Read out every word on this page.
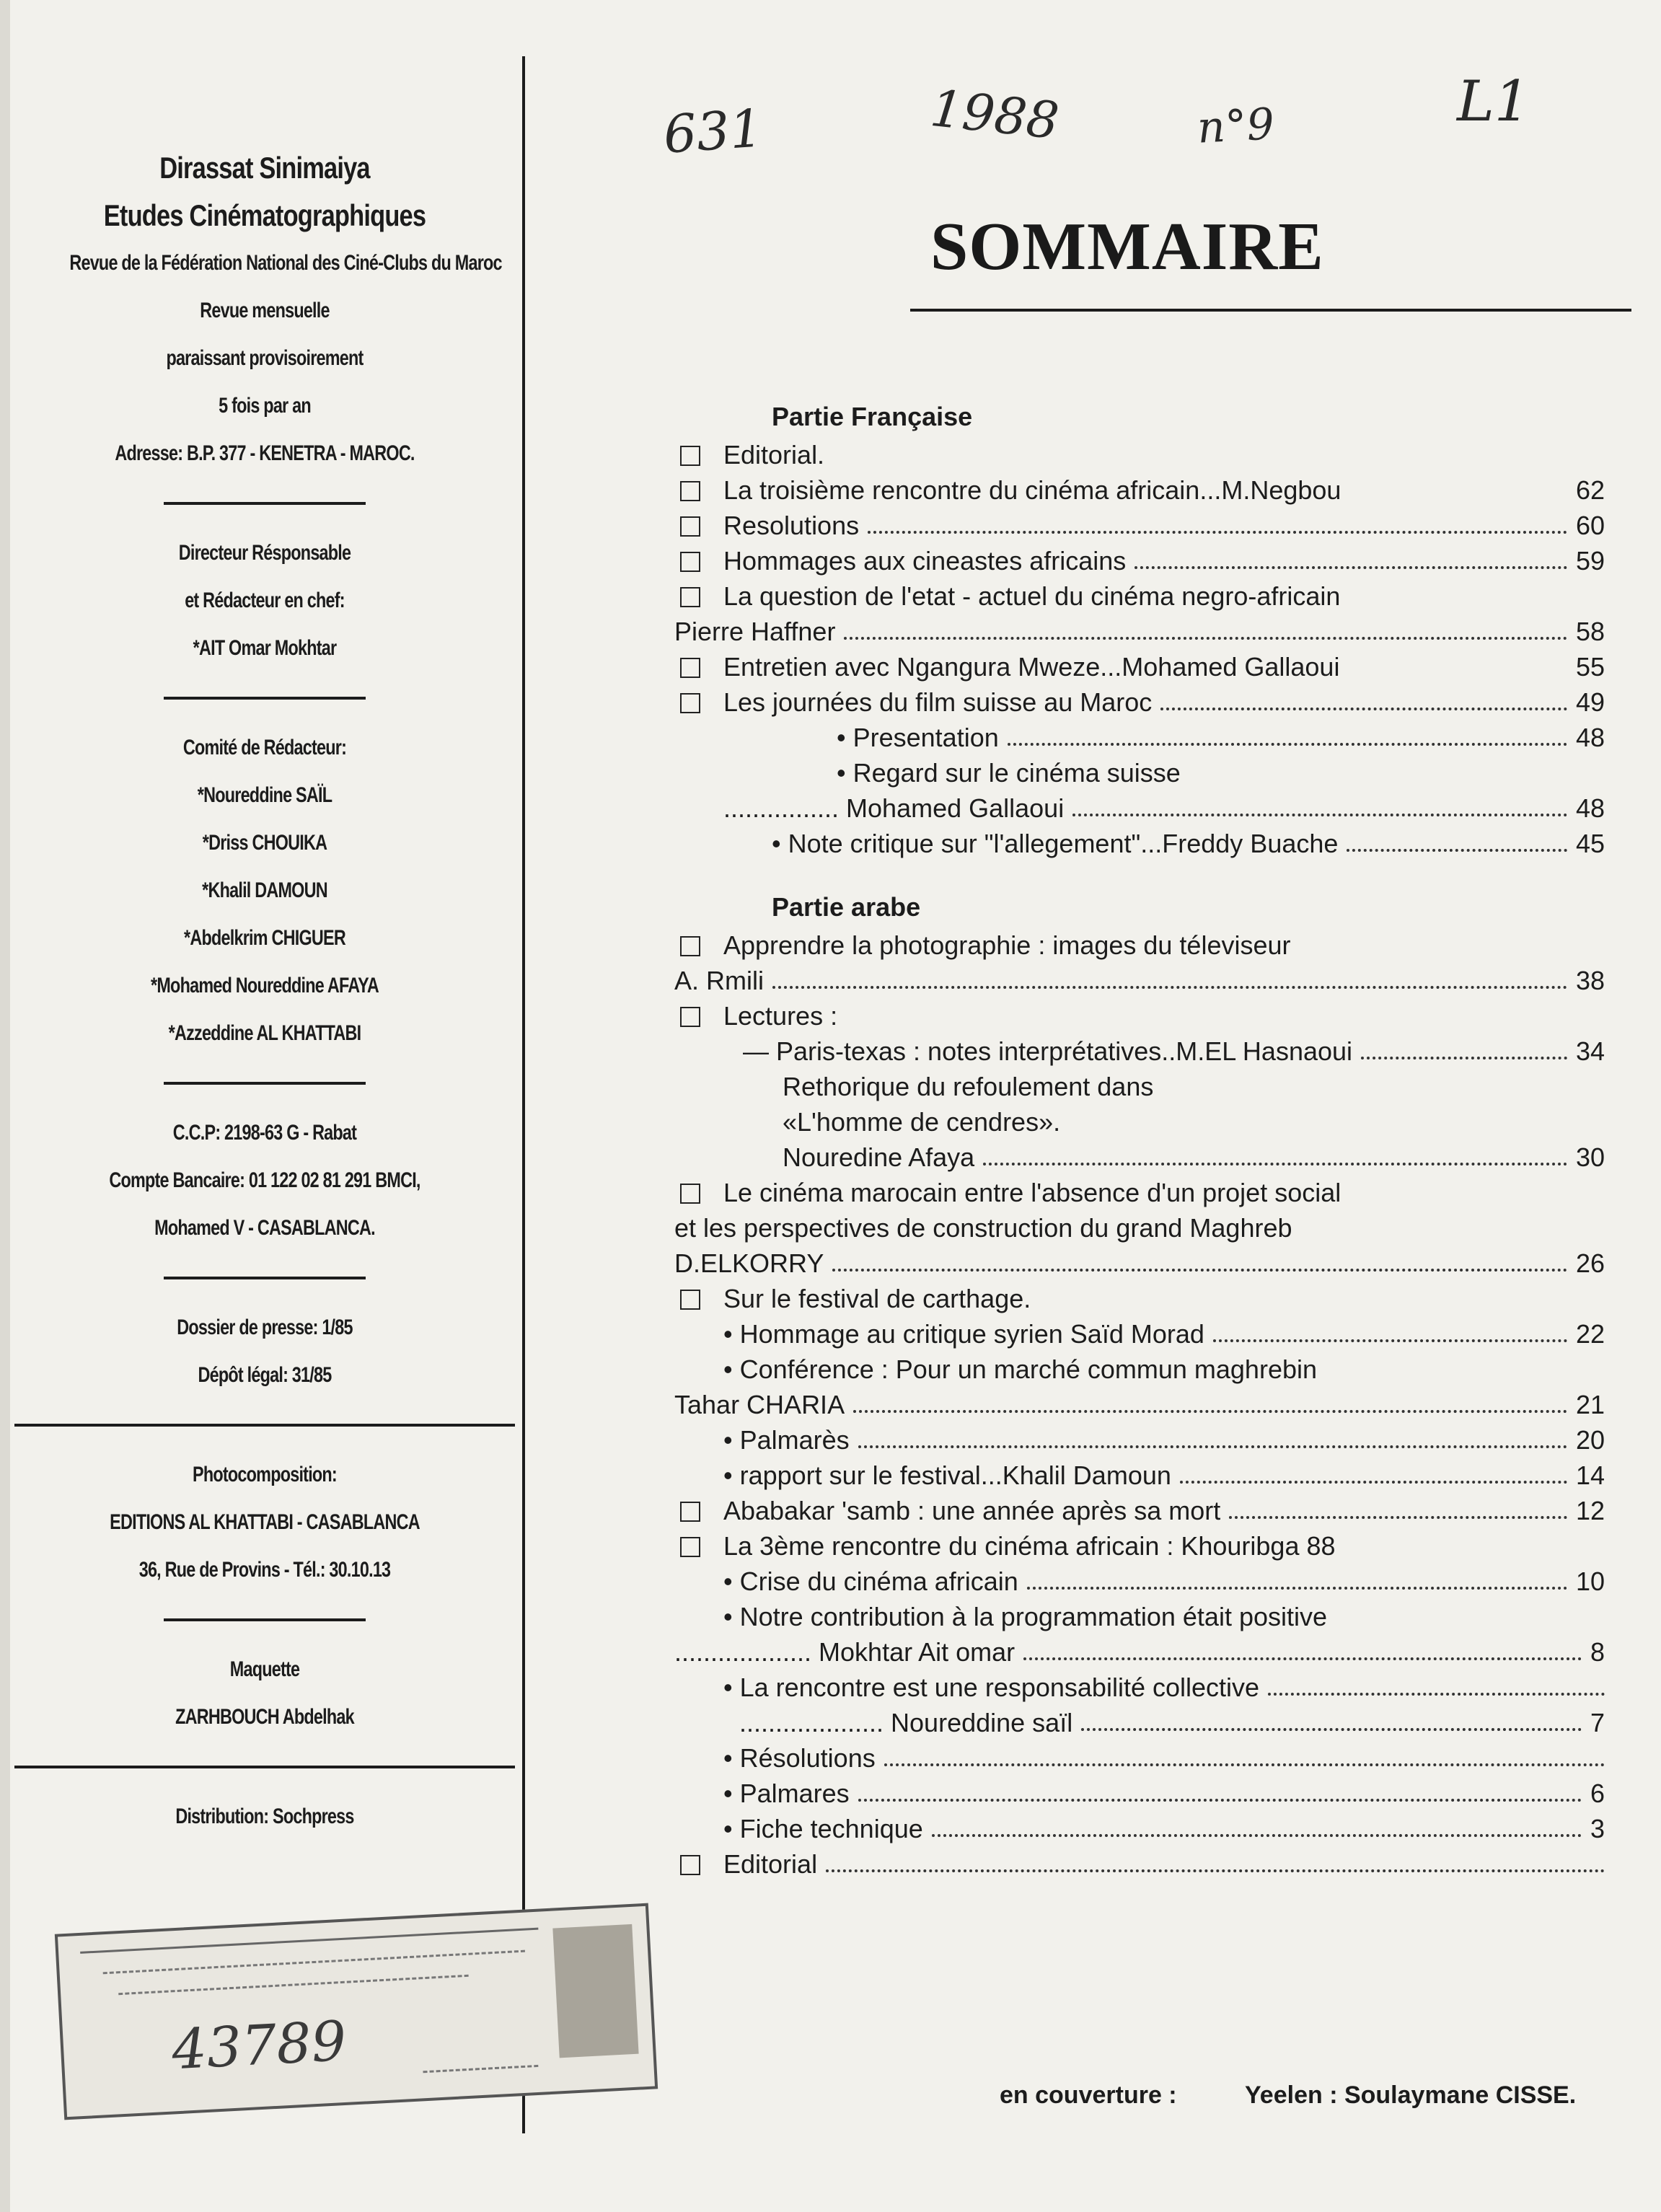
631	1988	n°9	L1
Dirassat Sinimaiya
Etudes Cinématographiques
Revue de la Fédération National des Ciné-Clubs du Maroc
Revue mensuelle
paraissant provisoirement
5 fois par an
Adresse: B.P. 377 - KENETRA - MAROC.
Directeur Résponsable
et Rédacteur en chef:
*AIT Omar Mokhtar
Comité de Rédacteur:
*Noureddine SAÏL
*Driss CHOUIKA
*Khalil DAMOUN
*Abdelkrim CHIGUER
*Mohamed Noureddine AFAYA
*Azzeddine AL KHATTABI
C.C.P: 2198-63 G - Rabat
Compte Bancaire: 01 122 02 81 291 BMCI,
Mohamed V - CASABLANCA.
Dossier de presse: 1/85
Dépôt légal: 31/85
Photocomposition:
EDITIONS AL KHATTABI - CASABLANCA
36, Rue de Provins - Tél.: 30.10.13
Maquette
ZARHBOUCH Abdelhak
Distribution: Sochpress
43789
SOMMAIRE
Partie Française
Editorial.
La troisième rencontre du cinéma africain...M.Negbou	62
Resolutions	60
Hommages aux cineastes africains	59
La question de l'etat - actuel du cinéma negro-africain
Pierre Haffner	58
Entretien avec Ngangura Mweze...Mohamed Gallaoui	55
Les journées du film suisse au Maroc	49
• Presentation	48
• Regard sur le cinéma suisse
................ Mohamed Gallaoui	48
• Note critique sur "l'allegement"...Freddy Buache	45
Partie arabe
Apprendre la photographie : images du téleviseur
A. Rmili	38
Lectures :
— Paris-texas : notes interprétatives..M.EL Hasnaoui	34
Rethorique du refoulement dans
«L'homme de cendres».
Nouredine Afaya	30
Le cinéma marocain entre l'absence d'un projet social
et les perspectives de construction du grand Maghreb
D.ELKORRY	26
Sur le festival de carthage.
• Hommage au critique syrien Saïd Morad	22
• Conférence : Pour un marché commun maghrebin
Tahar CHARIA	21
• Palmarès	20
• rapport sur le festival...Khalil Damoun	14
Ababakar 'samb : une année après sa mort	12
La 3ème rencontre du cinéma africain : Khouribga 88
• Crise du cinéma africain	10
• Notre contribution à la programmation était positive
................... Mokhtar Ait omar	8
• La rencontre est une responsabilité collective
.................... Noureddine saïl	7
• Résolutions
• Palmares	6
• Fiche technique	3
Editorial
en couverture :	Yeelen : Soulaymane CISSE.
